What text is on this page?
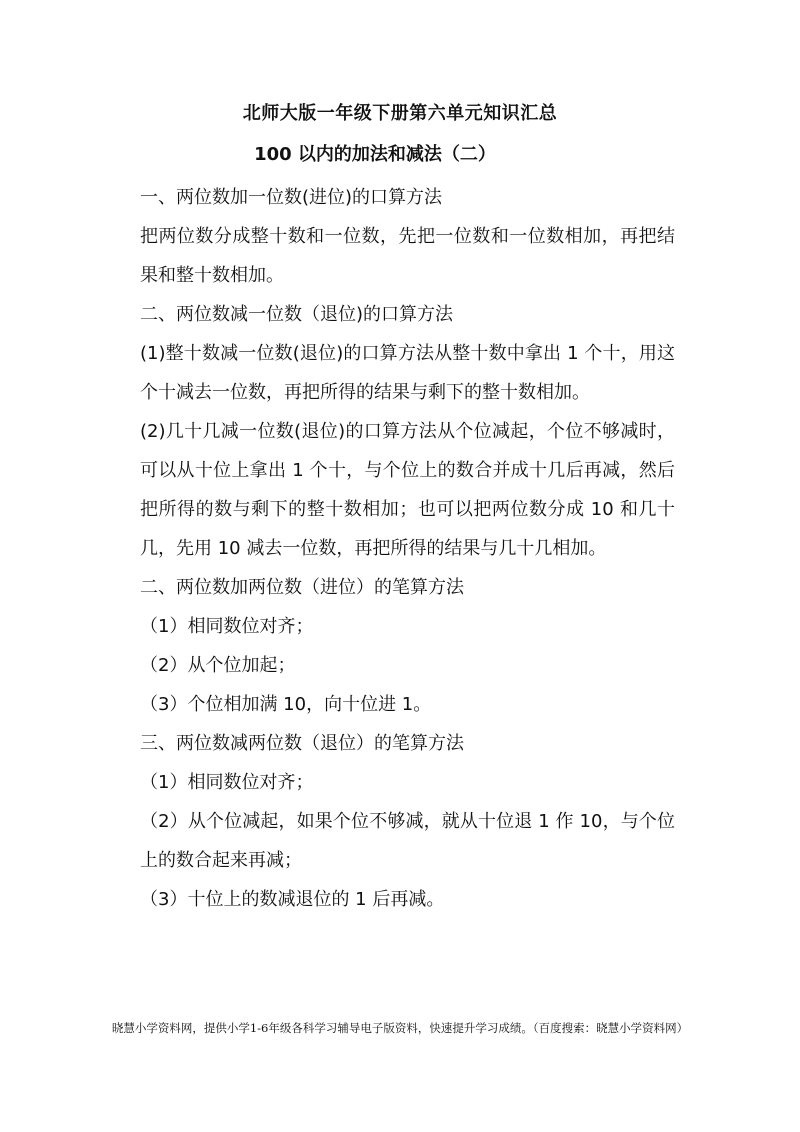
北师大版一年级下册第六单元知识汇总
100 以内的加法和减法（二）

一、两位数加一位数(进位)的口算方法

把两位数分成整十数和一位数，先把一位数和一位数相加，再把结果和整十数相加。

二、两位数减一位数（退位)的口算方法

(1)整十数减一位数(退位)的口算方法从整十数中拿出 1 个十，用这个十减去一位数，再把所得的结果与剩下的整十数相加。

(2)几十几减一位数(退位)的口算方法从个位减起，个位不够减时，可以从十位上拿出 1 个十，与个位上的数合并成十几后再减，然后把所得的数与剩下的整十数相加；也可以把两位数分成 10 和几十几，先用 10 减去一位数，再把所得的结果与几十几相加。

二、两位数加两位数（进位）的笔算方法

（1）相同数位对齐；

（2）从个位加起；

（3）个位相加满 10，向十位进 1。

三、两位数减两位数（退位）的笔算方法

（1）相同数位对齐；

（2）从个位减起，如果个位不够减，就从十位退 1 作 10，与个位上的数合起来再减；

（3）十位上的数减退位的 1 后再减。

晓慧小学资料网，提供小学1-6年级各科学习辅导电子版资料，快速提升学习成绩。（百度搜索：晓慧小学资料网）
